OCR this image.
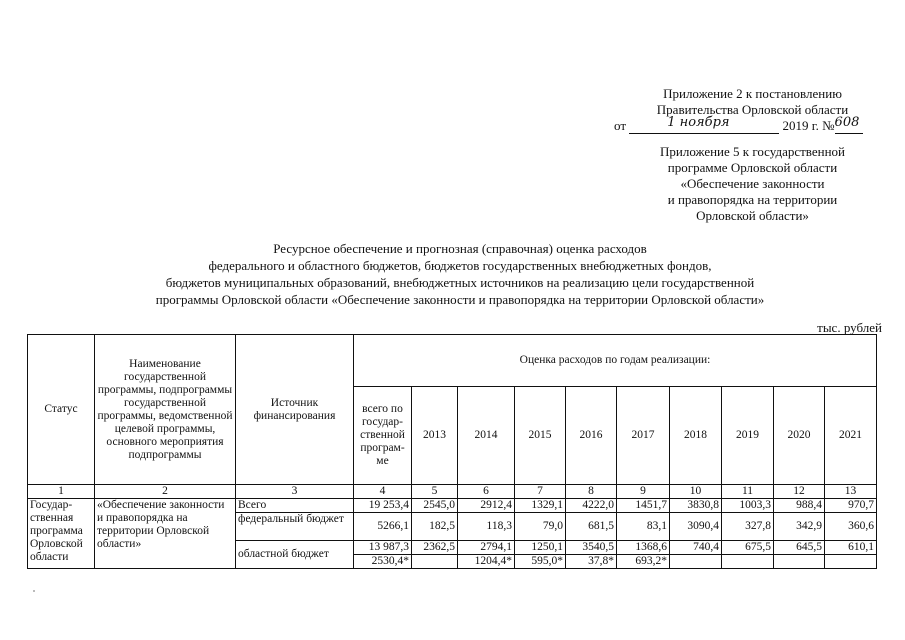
Приложение 2 к постановлению
Правительства Орловской области
от	1 ноября	2019 г. № 608
Приложение 5 к государственной
программе Орловской области
«Обеспечение законности
и правопорядка на территории
Орловской области»
Ресурсное обеспечение и прогнозная (справочная) оценка расходов
федерального и областного бюджетов, бюджетов государственных внебюджетных фондов,
бюджетов муниципальных образований, внебюджетных источников на реализацию цели государственной
программы Орловской области «Обеспечение законности и правопорядка на территории Орловской области»
тыс. рублей
Статус	Наименование государственной программы, подпрограммы государственной программы, ведомственной целевой программы, основного мероприятия подпрограммы	Источник финансирования	Оценка расходов по годам реализации:									
			всего по государ-ственной програм-ме	2013	2014	2015	2016	2017	2018	2019	2020	2021
1	2	3	4	5	6	7	8	9	10	11	12	13
Государ-ственная программа Орловской области	«Обеспечение законности и правопорядка на территории Орловской области»	Всего	19 253,4	2545,0	2912,4	1329,1	4222,0	1451,7	3830,8	1003,3	988,4	970,7
		федеральный бюджет	5266,1	182,5	118,3	79,0	681,5	83,1	3090,4	327,8	342,9	360,6
		областной бюджет	13 987,3	2362,5	2794,1	1250,1	3540,5	1368,6	740,4	675,5	645,5	610,1
			2530,4*		1204,4*	595,0*	37,8*	693,2*				
